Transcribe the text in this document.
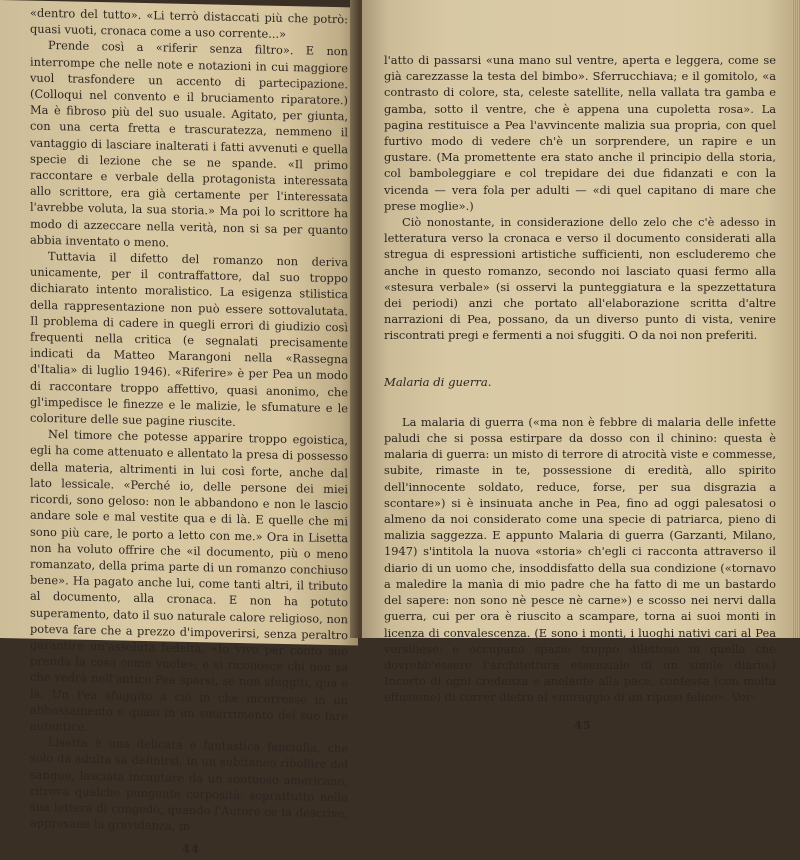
«dentro del tutto». «Li terrò distaccati più che potrò: quasi vuoti, cronaca come a uso corrente...»

Prende così a «riferir senza filtro». E non interrompe che nelle note e notazioni in cui maggiore vuol trasfondere un accento di partecipazione. (Colloqui nel convento e il bruciamento riparatore.) Ma è fibroso più del suo usuale. Agitato, per giunta, con una certa fretta e trascuratezza, nemmeno il vantaggio di lasciare inalterati i fatti avvenuti e quella specie di lezione che se ne spande. «Il primo raccontare e verbale della protagonista interessata allo scrittore, era già certamente per l'interessata l'avrebbe voluta, la sua storia.» Ma poi lo scrittore ha modo di azzeccare nella verità, non si sa per quanto abbia inventato o meno.

Tuttavia il difetto del romanzo non deriva unicamente, per il contraffattore, dal suo troppo dichiarato intento moralistico. La esigenza stilistica della rappresentazione non può essere sottovalutata. Il problema di cadere in quegli errori di giudizio così frequenti nella critica (e segnalati precisamente indicati da Matteo Marangoni nella «Rassegna d'Italia» di luglio 1946). «Riferire» è per Pea un modo di raccontare troppo affettivo, quasi anonimo, che gl'impedisce le finezze e le malizie, le sfumature e le coloriture delle sue pagine riuscite.

Nel timore che potesse apparire troppo egoistica, egli ha come attenuato e allentato la presa di possesso della materia, altrimenti in lui così forte, anche dal lato lessicale. «Perché io, delle persone dei miei ricordi, sono geloso: non le abbandono e non le lascio andare sole e mal vestite qua e di là. E quelle che mi sono più care, le porto a letto con me.» Ora in Lisetta non ha voluto offrire che «il documento, più o meno romanzato, della prima parte di un romanzo conchiuso bene». Ha pagato anche lui, come tanti altri, il tributo al documento, alla cronaca. E non ha potuto superamento, dato il suo naturale calore religioso, non poteva fare che a prezzo d'impoverirsi, senza peraltro garantire un'assoluta fedeltà. «Io vivo per conto suo prenda la cosa come vuole»; e si riconosce chi non sa che vedrà nell'antico Pea sparsi, se non sfuggiti, qua e là. Un Pea sfuggito a ciò in che incorresse in un abbassamento e quasi in un smarrimento del suo fare autentico.

Lisetta è una delicata e fantastica fanciulla, che solo da adulta sa definirsi, in un subitaneo ribollire del sangue, lasciata incantare da un sontuoso americano, ritrova qualche pungente corposità: soprattutto nella sua lettera di congedo, quando l'Autore ce la descrive, appresane la gravidanza, in

44

l'atto di passarsi «una mano sul ventre, aperta e leggera, come se già carezzasse la testa del bimbo». Sferrucchiava; e il gomitolo, «a contrasto di colore, sta, celeste satellite, nella vallata tra gamba e gamba, sotto il ventre, che è appena una cupoletta rosa». La pagina restituisce a Pea l'avvincente malizia sua propria, con quel furtivo modo di vedere ch'è un sorprendere, un rapire e un gustare. (Ma promettente era stato anche il principio della storia, col bamboleggiare e col trepidare dei due fidanzati e con la vicenda — vera fola per adulti — «di quel capitano di mare che prese moglie».)

Ciò nonostante, in considerazione dello zelo che c'è adesso in letteratura verso la cronaca e verso il documento considerati alla stregua di espressioni artistiche sufficienti, non escluderemo che anche in questo romanzo, secondo noi lasciato quasi fermo alla «stesura verbale» (si osservi la punteggiatura e la spezzettatura dei periodi) anzi che portato all'elaborazione scritta d'altre narrazioni di Pea, possano, da un diverso punto di vista, venire riscontrati pregi e fermenti a noi sfuggiti. O da noi non preferiti.

Malaria di guerra.

La malaria di guerra («ma non è febbre di malaria delle infette paludi che si possa estirpare da dosso con il chinino: questa è malaria di guerra: un misto di terrore di atrocità viste e commesse, subite, rimaste in te, possessione di eredità, allo spirito dell'innocente soldato, reduce, forse, per sua disgrazia a scontare») si è insinuata anche in Pea, fino ad oggi palesatosi o almeno da noi considerato come una specie di patriarca, pieno di malizia saggezza. E appunto Malaria di guerra (Garzanti, Milano, 1947) s'intitola la nuova «storia» ch'egli ci racconta attraverso il diario di un uomo che, insoddisfatto della sua condizione («tornavo a maledire la manìa di mio padre che ha fatto di me un bastardo del sapere: non sono nè pesce nè carne») e scosso nei nervi dalla guerra, cui per ora è riuscito a scampare, torna ai suoi monti in licenza di convalescenza. (E sono i monti, i luoghi nativi cari al Pea versiliese: e occupano spazio troppo dilettoso in quella che dovrebb'essere l'architettura essenziale di un simile diario.) Incerto di ogni credenza e anelante alla pace, confessa (con molta effusione) di correr dietro al «miraggio di un riposo felice». Vor-

45
